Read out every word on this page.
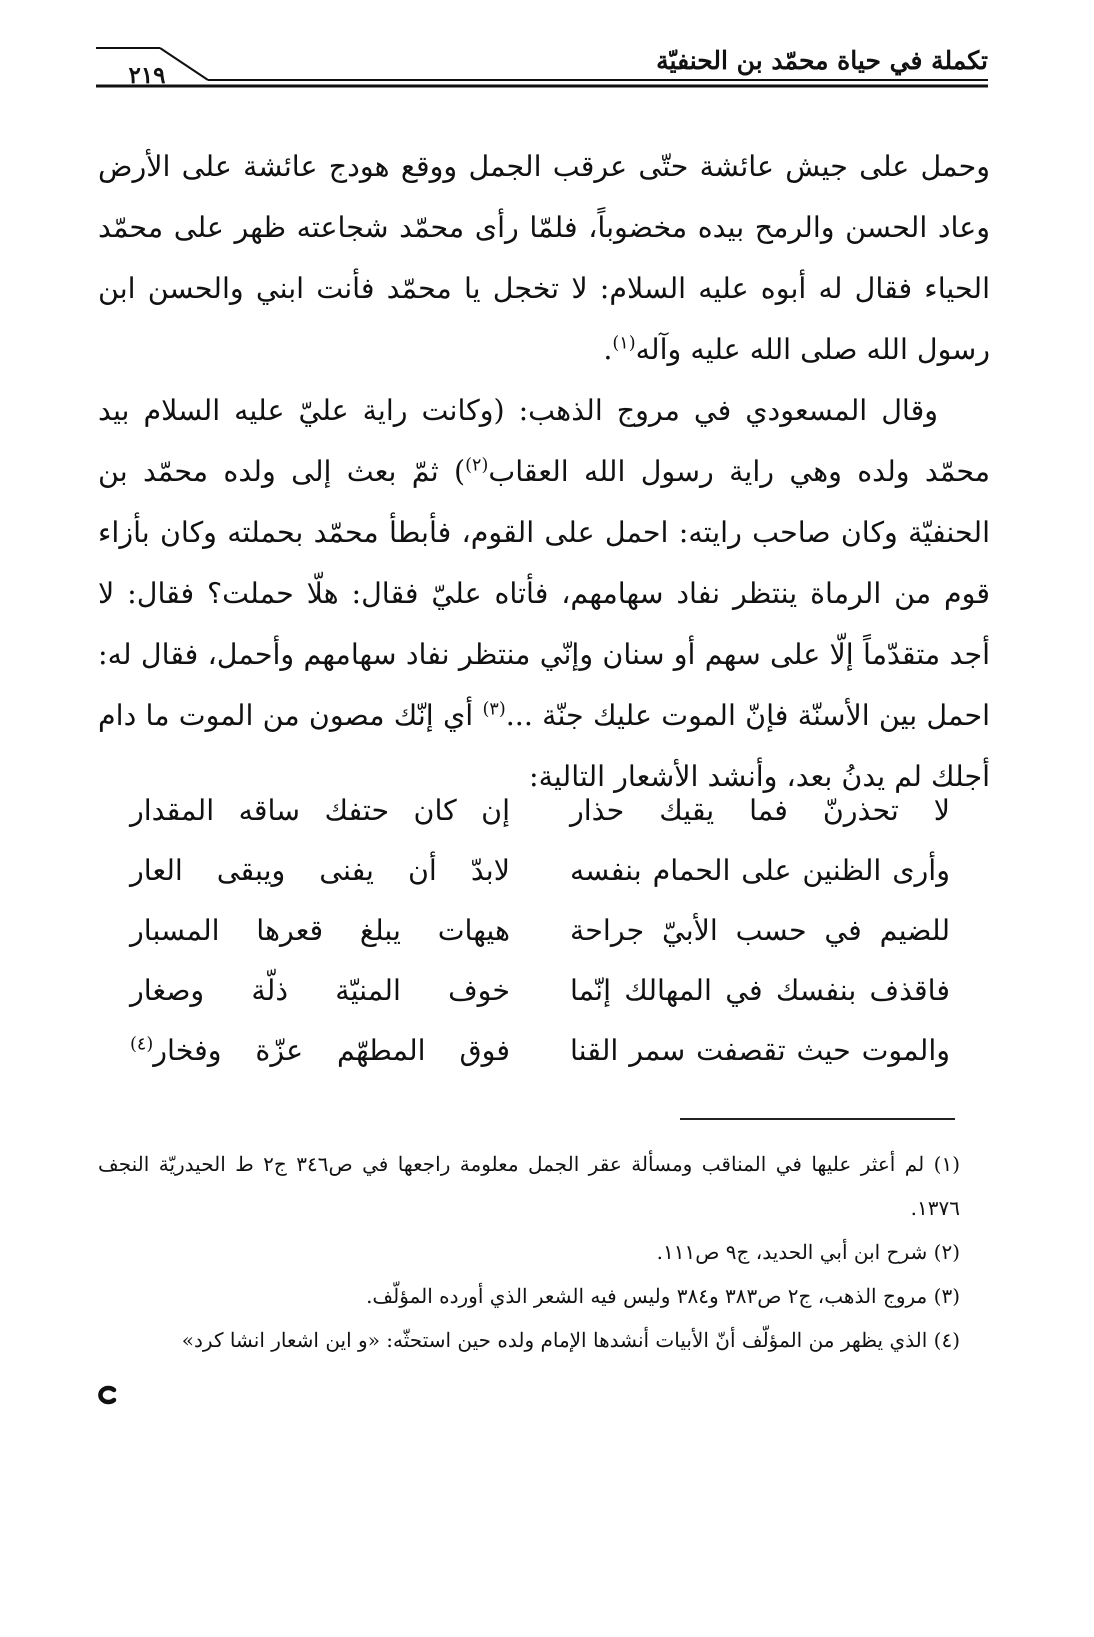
تكملة في حياة محمّد بن الحنفيّة
٢١٩

وحمل على جيش عائشة حتّى عرقب الجمل ووقع هودج عائشة على الأرض وعاد الحسن والرمح بيده مخضوباً، فلمّا رأى محمّد شجاعته ظهر على محمّد الحياء فقال له أبوه عليه السلام: لا تخجل يا محمّد فأنت ابني والحسن ابن رسول الله صلى الله عليه وآله$^{(١)}$.

وقال المسعودي في مروج الذهب: (وكانت راية عليّ عليه السلام بيد محمّد ولده وهي راية رسول الله العقاب$^{(٢)}$) ثمّ بعث إلى ولده محمّد بن الحنفيّة وكان صاحب رايته: احمل على القوم، فأبطأ محمّد بحملته وكان بأزاء قوم من الرماة ينتظر نفاد سهامهم، فأتاه عليّ فقال: هلّا حملت؟ فقال: لا أجد متقدّماً إلّا على سهم أو سنان وإنّي منتظر نفاد سهامهم وأحمل، فقال له: احمل بين الأسنّة فإنّ الموت عليك جنّة ...$^{(٣)}$ أي إنّك مصون من الموت ما دام أجلك لم يدنُ بعد، وأنشد الأشعار التالية:

لا تحذرنّ فما يقيك حذار
إن كان حتفك ساقه المقدار
وأرى الظنين على الحمام بنفسه
لابدّ أن يفنى ويبقى العار
للضيم في حسب الأبيّ جراحة
هيهات يبلغ قعرها المسبار
فاقذف بنفسك في المهالك إنّما
خوف المنيّة ذلّة وصغار
والموت حيث تقصفت سمر القنا
فوق المطهّم عزّة وفخار$^{(٤)}$

(١) لم أعثر عليها في المناقب ومسألة عقر الجمل معلومة راجعها في ص٣٤٦ ج٢ ط الحيدريّة النجف ١٣٧٦.

(٢) شرح ابن أبي الحديد، ج٩ ص١١١.

(٣) مروج الذهب، ج٢ ص٣٨٣ و٣٨٤ وليس فيه الشعر الذي أورده المؤلّف.

(٤) الذي يظهر من المؤلّف أنّ الأبيات أنشدها الإمام ولده حين استحثّه: «و اين اشعار انشا كرد»
